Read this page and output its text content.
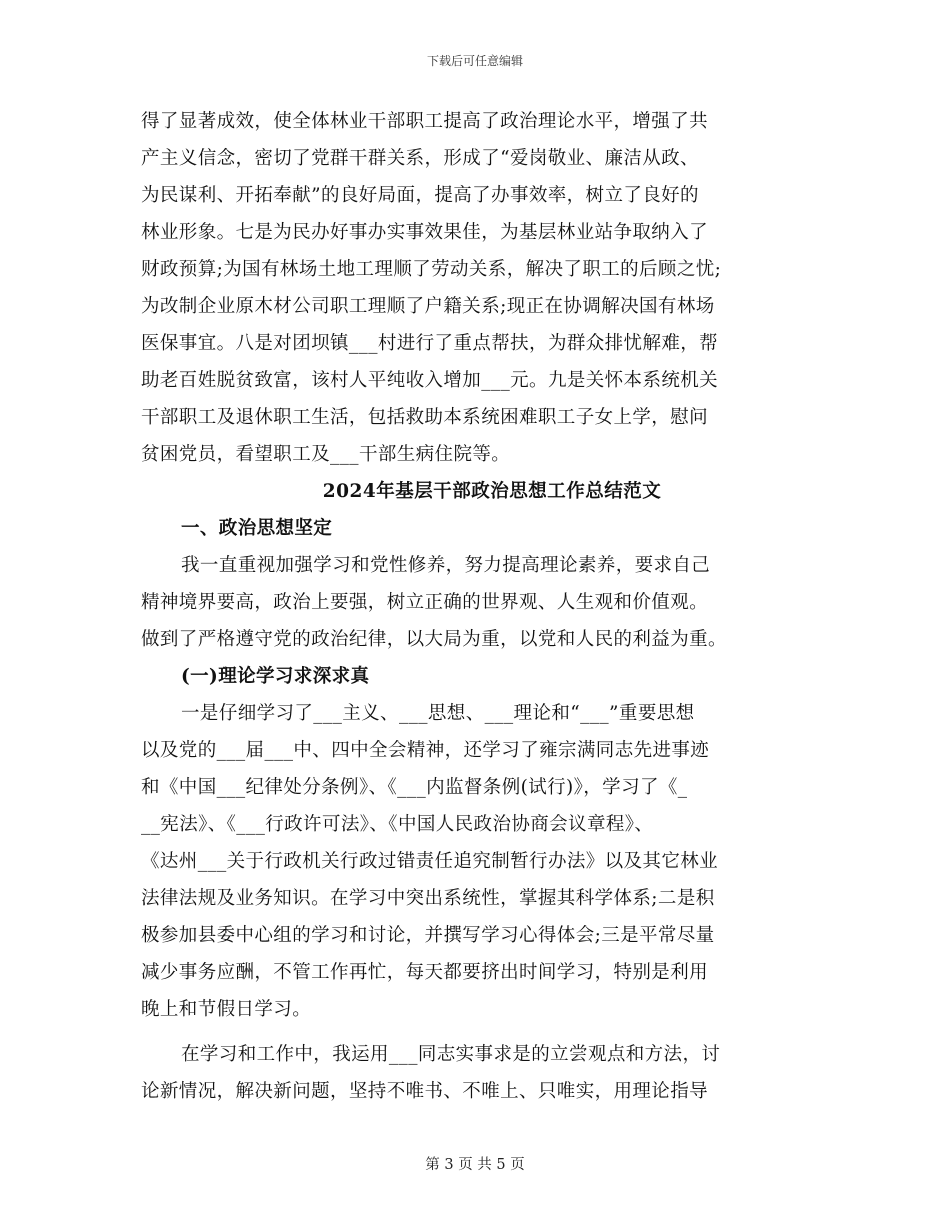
下载后可任意编辑
得了显著成效，使全体林业干部职工提高了政治理论水平，增强了共
产主义信念，密切了党群干群关系，形成了“爱岗敬业、廉洁从政、
为民谋利、开拓奉献”的良好局面，提高了办事效率，树立了良好的
林业形象。七是为民办好事办实事效果佳，为基层林业站争取纳入了
财政预算;为国有林场土地工理顺了劳动关系，解决了职工的后顾之忧;
为改制企业原木材公司职工理顺了户籍关系;现正在协调解决国有林场
医保事宜。八是对团坝镇___村进行了重点帮扶，为群众排忧解难，帮
助老百姓脱贫致富，该村人平纯收入增加___元。九是关怀本系统机关
干部职工及退休职工生活，包括救助本系统困难职工子女上学，慰问
贫困党员，看望职工及___干部生病住院等。
2024年基层干部政治思想工作总结范文
一、政治思想坚定
我一直重视加强学习和党性修养，努力提高理论素养，要求自己
精神境界要高，政治上要强，树立正确的世界观、人生观和价值观。
做到了严格遵守党的政治纪律，以大局为重，以党和人民的利益为重。
(一)理论学习求深求真
一是仔细学习了___主义、___思想、___理论和“___”重要思想
以及党的___届___中、四中全会精神，还学习了雍宗满同志先进事迹
和《中国___纪律处分条例》、《___内监督条例(试行)》，学习了《_
__宪法》、《___行政许可法》、《中国人民政治协商会议章程》、
《达州___关于行政机关行政过错责任追究制暂行办法》以及其它林业
法律法规及业务知识。在学习中突出系统性，掌握其科学体系;二是积
极参加县委中心组的学习和讨论，并撰写学习心得体会;三是平常尽量
减少事务应酬，不管工作再忙，每天都要挤出时间学习，特别是利用
晚上和节假日学习。
在学习和工作中，我运用___同志实事求是的立尝观点和方法，讨
论新情况，解决新问题，坚持不唯书、不唯上、只唯实，用理论指导
第 3 页 共 5 页
